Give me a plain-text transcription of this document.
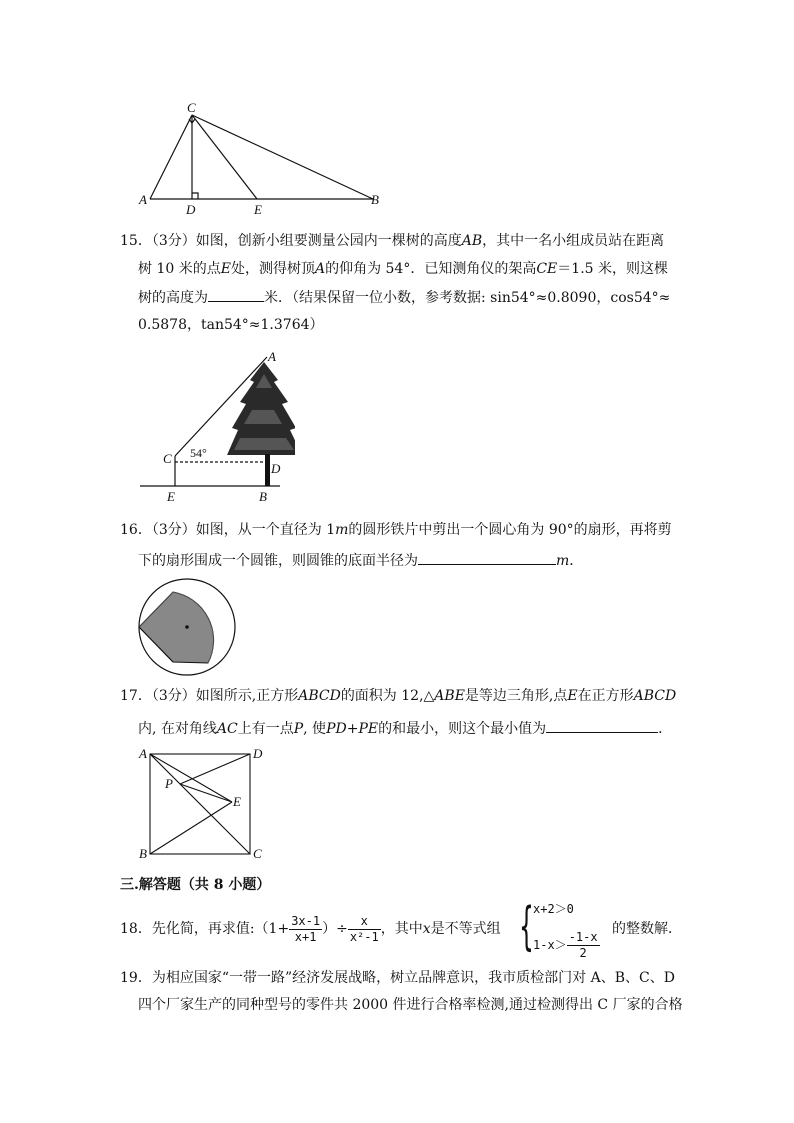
C
A
D	E
B
15．（3分）如图，创新小组要测量公园内一棵树的高度AB，其中一名小组成员站在距离
树 10 米的点E处，测得树顶A的仰角为 54°．已知测角仪的架高CE＝1.5 米，则这棵
树的高度为	米．（结果保留一位小数，参考数据: sin54°≈0.8090，cos54°≈
0.5878，tan54°≈1.3764）
A
C 54°
D
E	B
16．（3分）如图，从一个直径为 1m的圆形铁片中剪出一个圆心角为 90°的扇形，再将剪
下的扇形围成一个圆锥，则圆锥的底面半径为	m．
17．（3分）如图所示,正方形ABCD的面积为 12,△ABE是等边三角形,点E在正方形ABCD
内, 在对角线AC上有一点P, 使PD+PE的和最小，则这个最小值为	．
A	D
P
E
B	C
三.解答题（共 8 小题）
18．先化简，再求值:（1+ $\frac{3x-1}{x+1}$ ）÷ $\frac{x}{\text{x²-1}}$ ，其中x是不等式组 { x+2＞0
$1-x> \frac{-1-x}{2}$
的整数解．
19．为相应国家“一带一路”经济发展战略，树立品牌意识，我市质检部门对 A、B、C、D
四个厂家生产的同种型号的零件共 2000 件进行合格率检测,通过检测得出 C 厂家的合格
